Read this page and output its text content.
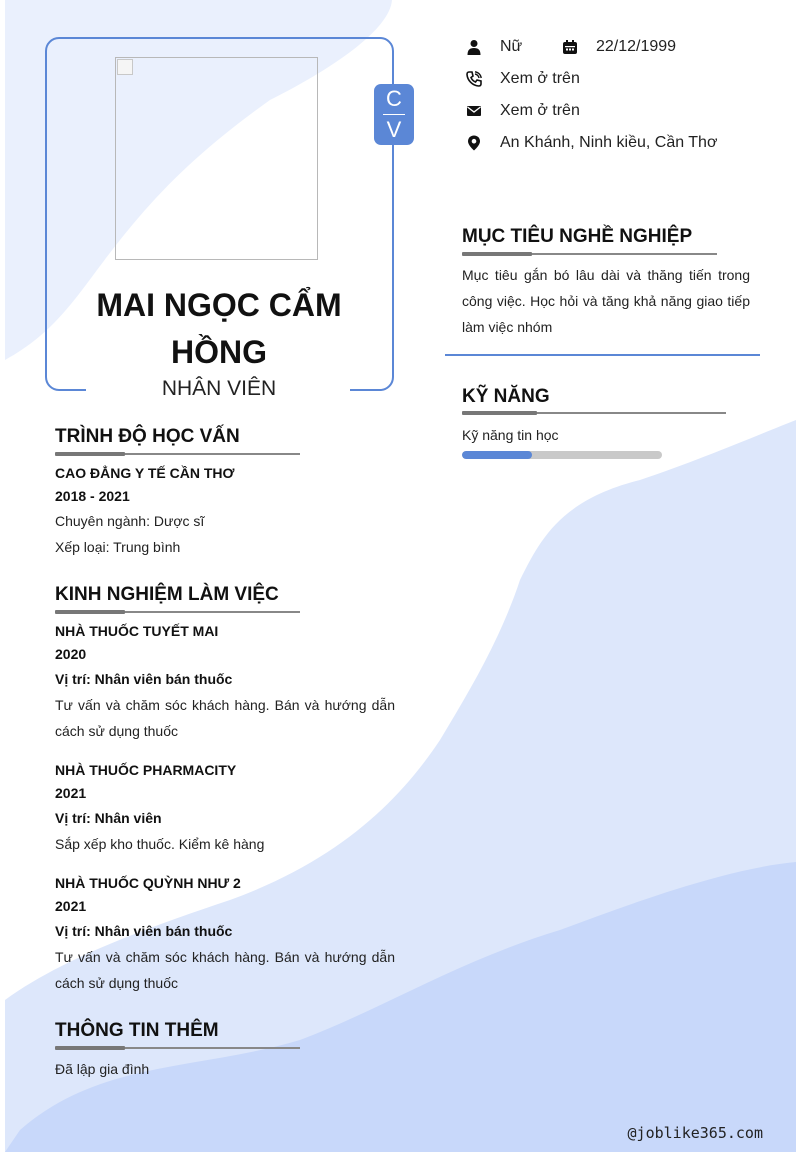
C
V
MAI NGỌC CẨM HỒNG
NHÂN VIÊN
Nữ	22/12/1999
Xem ở trên
Xem ở trên
An Khánh, Ninh kiều, Cần Thơ
TRÌNH ĐỘ HỌC VẤN
CAO ĐẲNG Y TẾ CẦN THƠ
2018 - 2021
Chuyên ngành: Dược sĩ
Xếp loại: Trung bình
KINH NGHIỆM LÀM VIỆC
NHÀ THUỐC TUYẾT MAI
2020
Vị trí: Nhân viên bán thuốc
Tư vấn và chăm sóc khách hàng. Bán và hướng dẫn cách sử dụng thuốc
NHÀ THUỐC PHARMACITY
2021
Vị trí: Nhân viên
Sắp xếp kho thuốc. Kiểm kê hàng
NHÀ THUỐC QUỲNH NHƯ 2
2021
Vị trí: Nhân viên bán thuốc
Tư vấn và chăm sóc khách hàng. Bán và hướng dẫn cách sử dụng thuốc
THÔNG TIN THÊM
Đã lập gia đình
MỤC TIÊU NGHỀ NGHIỆP
Mục tiêu gắn bó lâu dài và thăng tiến trong công việc. Học hỏi và tăng khả năng giao tiếp làm việc nhóm
KỸ NĂNG
Kỹ năng tin học
@joblike365.com
